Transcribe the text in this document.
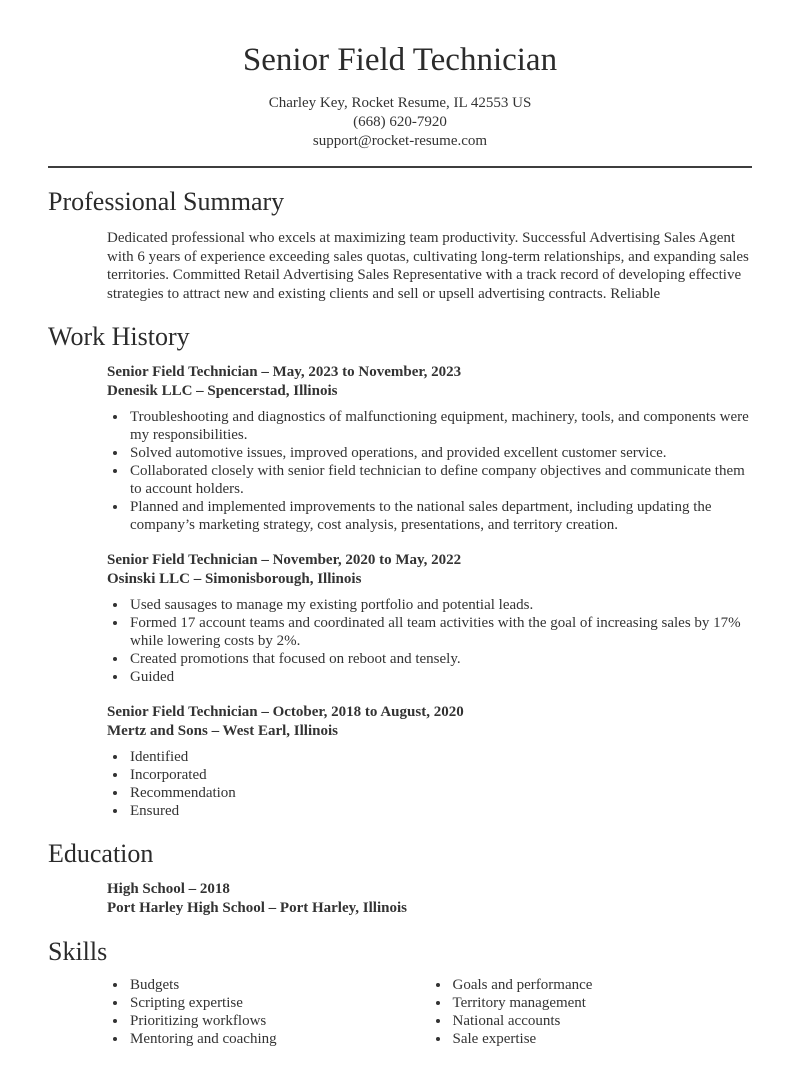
Senior Field Technician
Charley Key, Rocket Resume, IL 42553 US
(668) 620-7920
support@rocket-resume.com
Professional Summary

Dedicated professional who excels at maximizing team productivity. Successful Advertising Sales Agent with 6 years of experience exceeding sales quotas, cultivating long-term relationships, and expanding sales territories. Committed Retail Advertising Sales Representative with a track record of developing effective strategies to attract new and existing clients and sell or upsell advertising contracts. Reliable

Work History
Senior Field Technician – May, 2023 to November, 2023
Denesik LLC – Spencerstad, Illinois
• Troubleshooting and diagnostics of malfunctioning equipment, machinery, tools, and components were my responsibilities.
• Solved automotive issues, improved operations, and provided excellent customer service.
• Collaborated closely with senior field technician to define company objectives and communicate them to account holders.
• Planned and implemented improvements to the national sales department, including updating the company’s marketing strategy, cost analysis, presentations, and territory creation.
Senior Field Technician – November, 2020 to May, 2022
Osinski LLC – Simonisborough, Illinois
• Used sausages to manage my existing portfolio and potential leads.
• Formed 17 account teams and coordinated all team activities with the goal of increasing sales by 17% while lowering costs by 2%.
• Created promotions that focused on reboot and tensely.
• Guided
Senior Field Technician – October, 2018 to August, 2020
Mertz and Sons – West Earl, Illinois
• Identified
• Incorporated
• Recommendation
• Ensured
Education
High School – 2018
Port Harley High School – Port Harley, Illinois
Skills
• Budgets
• Scripting expertise
• Prioritizing workflows
• Mentoring and coaching
• Goals and performance
• Territory management
• National accounts
• Sale expertise
